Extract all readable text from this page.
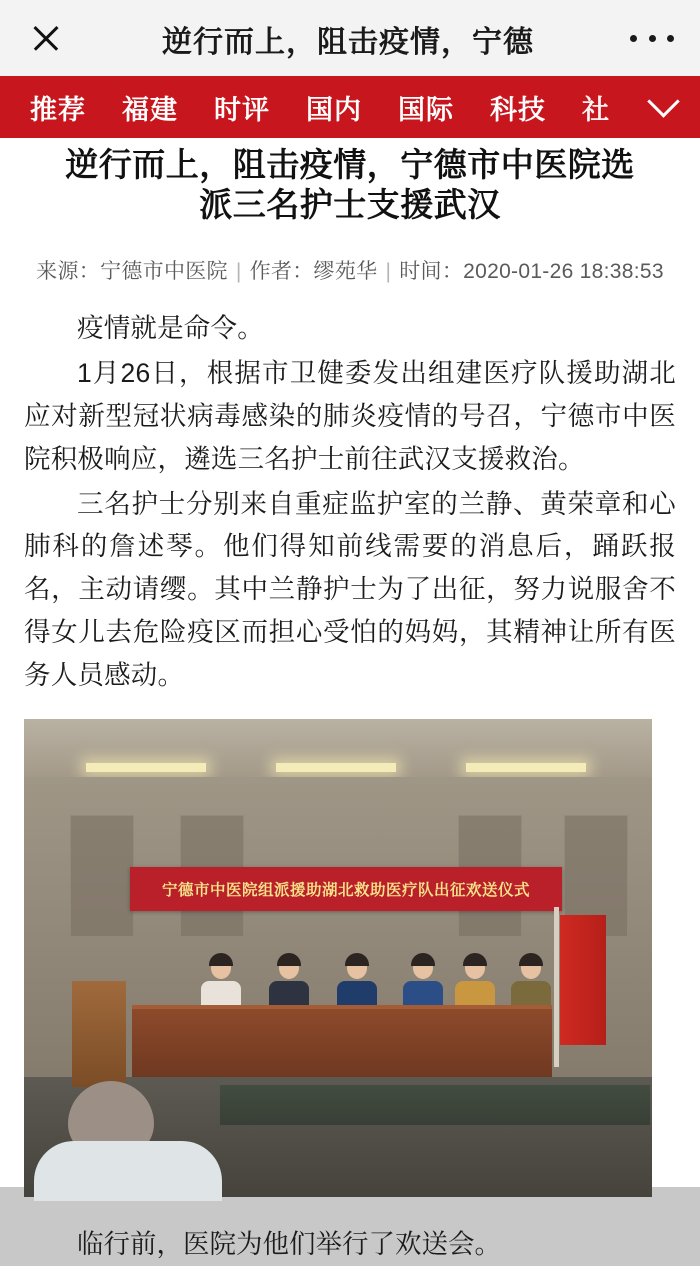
逆行而上，阻击疫情，宁德
推荐 福建 时评 国内 国际 科技 社
逆行而上，阻击疫情，宁德市中医院选
派三名护士支援武汉
来源：宁德市中医院 | 作者：缪苑华 | 时间：2020-01-26 18:38:53

疫情就是命令。

1月26日，根据市卫健委发出组建医疗队援助湖北应对新型冠状病毒感染的肺炎疫情的号召，宁德市中医院积极响应，遴选三名护士前往武汉支援救治。

三名护士分别来自重症监护室的兰静、黄荣章和心肺科的詹述琴。他们得知前线需要的消息后，踊跃报名，主动请缨。其中兰静护士为了出征，努力说服舍不得女儿去危险疫区而担心受怕的妈妈，其精神让所有医务人员感动。

宁德市中医院组派援助湖北救助医疗队出征欢送仪式
临行前，医院为他们举行了欢送会。
